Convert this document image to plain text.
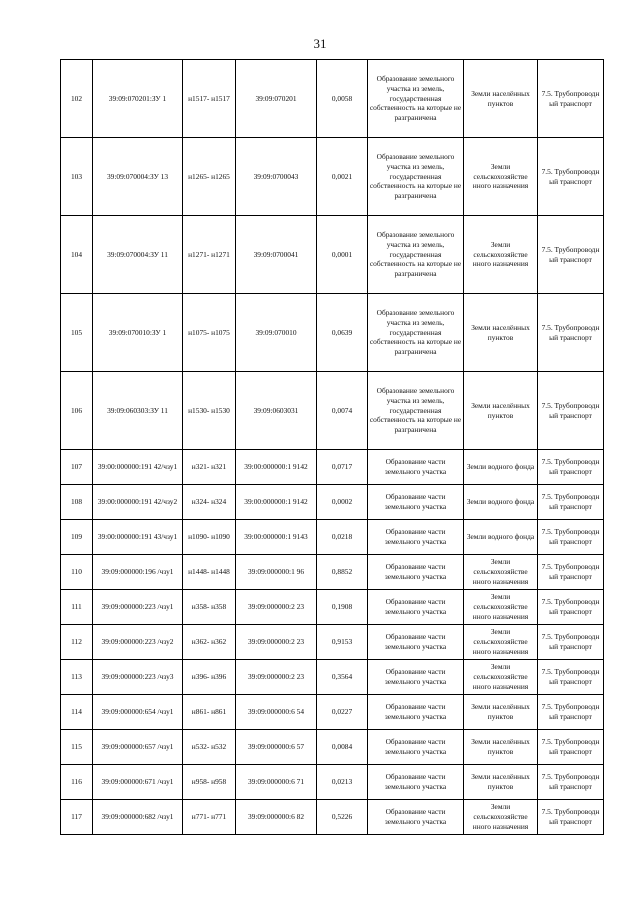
31
102	39:09:070201:ЗУ 1	н1517- н1517	39:09:070201	0,0058	Образование земельного участка из земель, государственная собственность на которые не разграничена	Земли населённых пунктов	7.5. Трубопроводн ый транспорт
103	39:09:070004:ЗУ 13	н1265- н1265	39:09:0700043	0,0021	Образование земельного участка из земель, государственная собственность на которые не разграничена	Земли сельскохозяйстве нного назначения	7.5. Трубопроводн ый транспорт
104	39:09:070004:ЗУ 11	н1271- н1271	39:09:0700041	0,0001	Образование земельного участка из земель, государственная собственность на которые не разграничена	Земли сельскохозяйстве нного назначения	7.5. Трубопроводн ый транспорт
105	39:09:070010:ЗУ 1	н1075- н1075	39:09:070010	0,0639	Образование земельного участка из земель, государственная собственность на которые не разграничена	Земли населённых пунктов	7.5. Трубопроводн ый транспорт
106	39:09:060303:ЗУ 11	н1530- н1530	39:09:0603031	0,0074	Образование земельного участка из земель, государственная собственность на которые не разграничена	Земли населённых пунктов	7.5. Трубопроводн ый транспорт
107	39:00:000000:191 42/чзу1	н321- н321	39:00:000000:1 9142	0,0717	Образование части земельного участка	Земли водного фонда	7.5. Трубопроводн ый транспорт
108	39:00:000000:191 42/чзу2	н324- н324	39:00:000000:1 9142	0,0002	Образование части земельного участка	Земли водного фонда	7.5. Трубопроводн ый транспорт
109	39:00:000000:191 43/чзу1	н1090- н1090	39:00:000000:1 9143	0,0218	Образование части земельного участка	Земли водного фонда	7.5. Трубопроводн ый транспорт
110	39:09:000000:196 /чзу1	н1448- н1448	39:09:000000:1 96	0,8852	Образование части земельного участка	Земли сельскохозяйстве нного назначения	7.5. Трубопроводн ый транспорт
111	39:09:000000:223 /чзу1	н358- н358	39:09:000000:2 23	0,1908	Образование части земельного участка	Земли сельскохозяйстве нного назначения	7.5. Трубопроводн ый транспорт
112	39:09:000000:223 /чзу2	н362- н362	39:09:000000:2 23	0,9153	Образование части земельного участка	Земли сельскохозяйстве нного назначения	7.5. Трубопроводн ый транспорт
113	39:09:000000:223 /чзу3	н396- н396	39:09:000000:2 23	0,3564	Образование части земельного участка	Земли сельскохозяйстве нного назначения	7.5. Трубопроводн ый транспорт
114	39:09:000000:654 /чзу1	н861- н861	39:09:000000:6 54	0,0227	Образование части земельного участка	Земли населённых пунктов	7.5. Трубопроводн ый транспорт
115	39:09:000000:657 /чзу1	н532- н532	39:09:000000:6 57	0,0084	Образование части земельного участка	Земли населённых пунктов	7.5. Трубопроводн ый транспорт
116	39:09:000000:671 /чзу1	н958- н958	39:09:000000:6 71	0,0213	Образование части земельного участка	Земли населённых пунктов	7.5. Трубопроводн ый транспорт
117	39:09:000000:682 /чзу1	н771- н771	39:09:000000:6 82	0,5226	Образование части земельного участка	Земли сельскохозяйстве нного назначения	7.5. Трубопроводн ый транспорт
